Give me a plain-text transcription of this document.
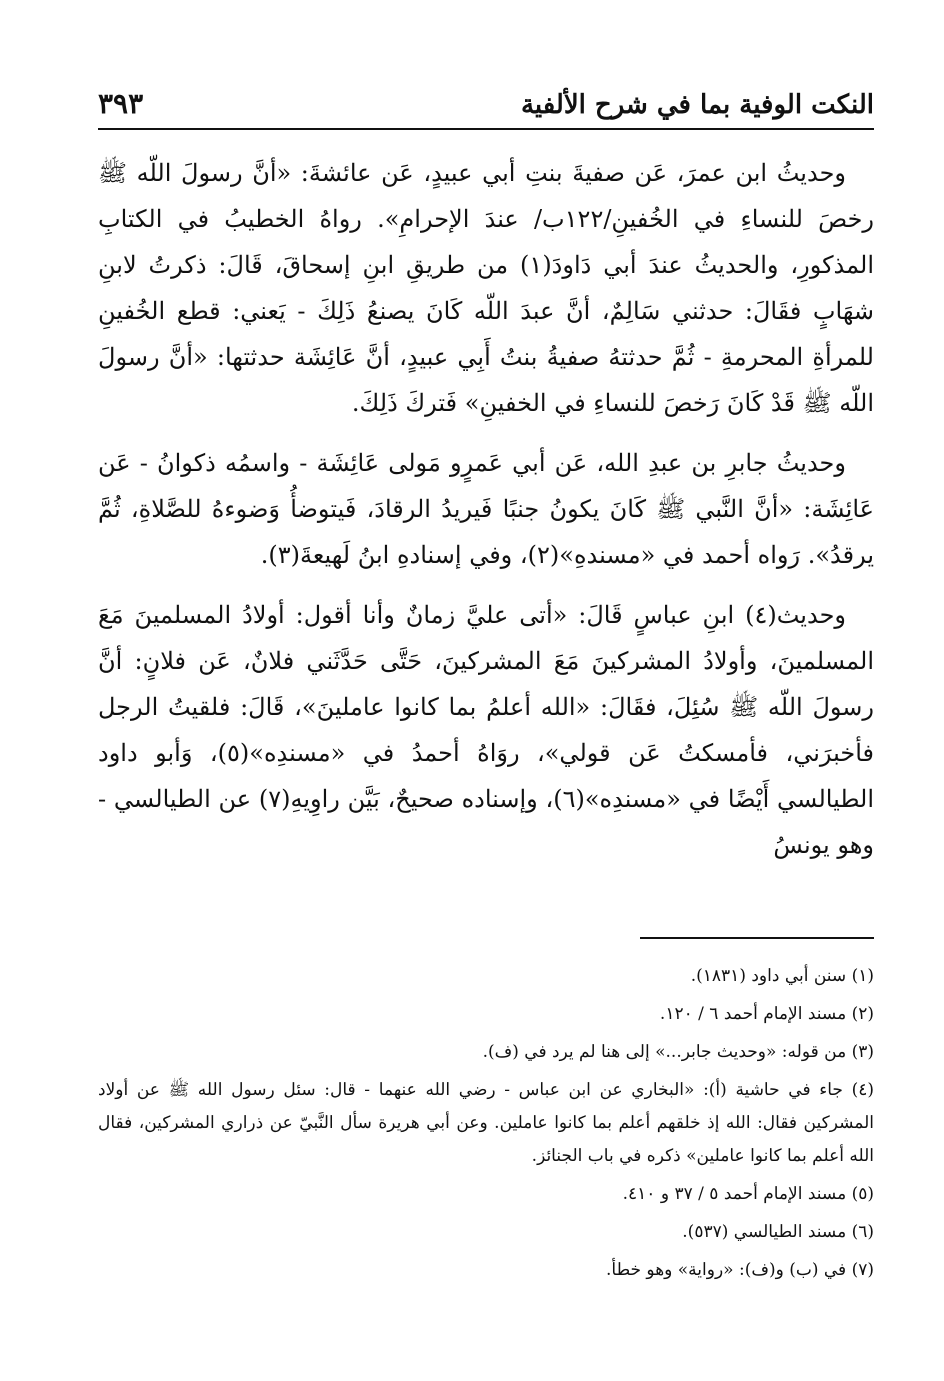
النكت الوفية بما في شرح الألفية
٣٩٣

وحديثُ ابن عمرَ، عَن صفيةَ بنتِ أبي عبيدٍ، عَن عائشةَ: «أنَّ رسولَ اللّه ﷺ رخصَ للنساءِ في الخُفينِ/١٢٢ب/ عندَ الإحرامِ». رواهُ الخطيبُ في الكتابِ المذكورِ، والحديثُ عندَ أبي دَاودَ(١) من طريقِ ابنِ إسحاقَ، قَالَ: ذكرتُ لابنِ شهَابٍ فقَالَ: حدثني سَالِمٌ، أنَّ عبدَ اللّه كَانَ يصنعُ ذَلِكَ - يَعني: قطع الخُفينِ للمرأةِ المحرمةِ - ثُمَّ حدثتهُ صفيةُ بنتُ أَبِي عبيدٍ، أنَّ عَائِشَة حدثتها: «أنَّ رسولَ اللّه ﷺ قَدْ كَانَ رَخصَ للنساءِ في الخفينِ» فَتركَ ذَلِكَ.

وحديثُ جابرِ بن عبدِ الله، عَن أبي عَمرٍو مَولى عَائِشَة - واسمُه ذكوانُ - عَن عَائِشَة: «أنَّ النَّبي ﷺ كَانَ يكونُ جنبًا فَيريدُ الرقادَ، فَيتوضأُ وَضوءهُ للصَّلاةِ، ثُمَّ يرقدُ». رَواه أحمد في «مسندهِ»(٢)، وفي إسنادهِ ابنُ لَهيعةَ(٣).

وحديث(٤) ابنِ عباسٍ قَالَ: «أتى عليَّ زمانٌ وأنا أقول: أولادُ المسلمينَ مَعَ المسلمينَ، وأولادُ المشركينَ مَعَ المشركينَ، حَتَّى حَدَّثَني فلانٌ، عَن فلانٍ: أنَّ رسولَ اللّه ﷺ سُئِلَ، فقَالَ: «الله أعلمُ بما كانوا عاملينَ»، قَالَ: فلقيتُ الرجل فأخبرَني، فأمسكتُ عَن قولي»، روَاهُ أحمدُ في «مسندِه»(٥)، وَأبو داود الطيالسي أَيْضًا في «مسندِه»(٦)، وإسناده صحيحٌ، بَيَّن راوِيهِ(٧) عن الطيالسي - وهو يونسُ

(١) سنن أبي داود (١٨٣١).
(٢) مسند الإمام أحمد ٦ / ١٢٠.
(٣) من قوله: «وحديث جابر...» إلى هنا لم يرد في (ف).
(٤) جاء في حاشية (أ): «البخاري عن ابن عباس - رضي الله عنهما - قال: سئل رسول الله ﷺ عن أولاد المشركين فقال: الله إذ خلقهم أعلم بما كانوا عاملين. وعن أبي هريرة سأل النَّبيّ عن ذراري المشركين، فقال الله أعلم بما كانوا عاملين» ذكره في باب الجنائز.
(٥) مسند الإمام أحمد ٥ / ٣٧ و ٤١٠.
(٦) مسند الطيالسي (٥٣٧).
(٧) في (ب) و(ف): «رواية» وهو خطأ.
